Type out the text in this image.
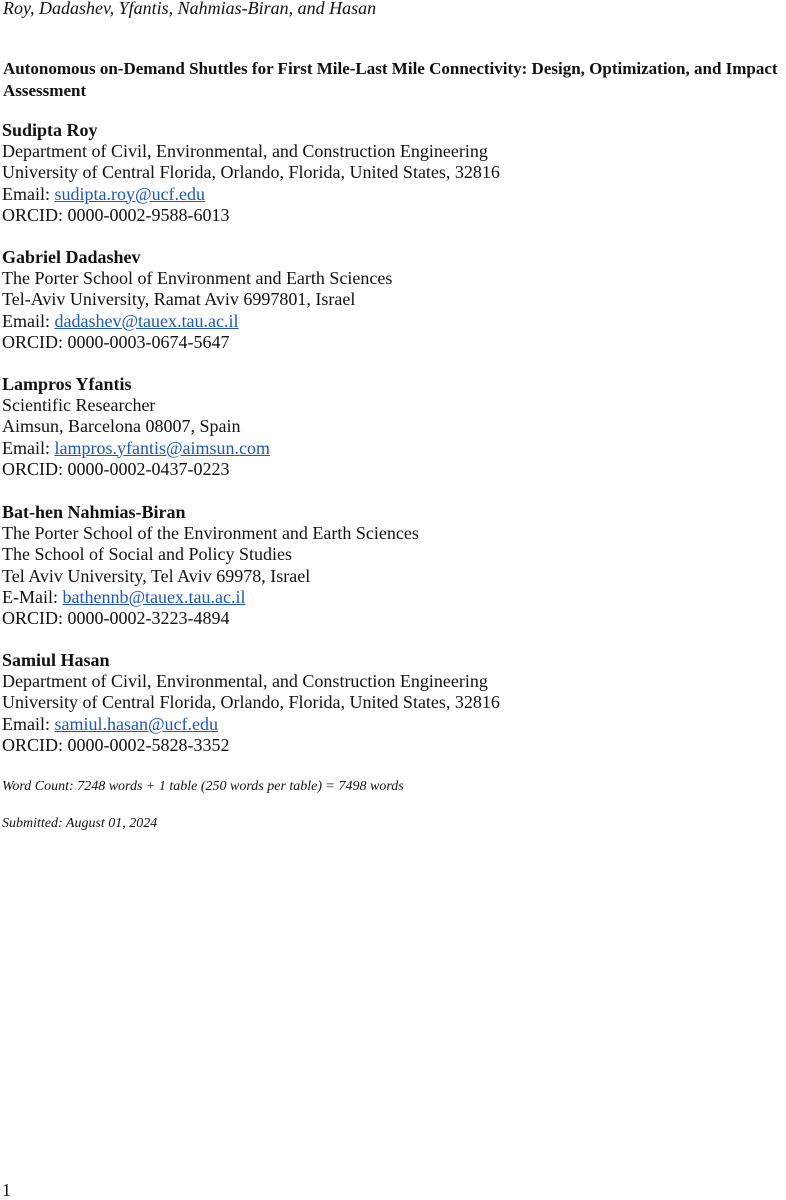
Roy, Dadashev, Yfantis, Nahmias-Biran, and Hasan
Autonomous on-Demand Shuttles for First Mile-Last Mile Connectivity: Design, Optimization, and Impact Assessment
Sudipta Roy
Department of Civil, Environmental, and Construction Engineering
University of Central Florida, Orlando, Florida, United States, 32816
Email: sudipta.roy@ucf.edu
ORCID: 0000-0002-9588-6013
Gabriel Dadashev
The Porter School of Environment and Earth Sciences
Tel-Aviv University, Ramat Aviv 6997801, Israel
Email: dadashev@tauex.tau.ac.il
ORCID: 0000-0003-0674-5647
Lampros Yfantis
Scientific Researcher
Aimsun, Barcelona 08007, Spain
Email: lampros.yfantis@aimsun.com
ORCID: 0000-0002-0437-0223
Bat-hen Nahmias-Biran
The Porter School of the Environment and Earth Sciences
The School of Social and Policy Studies
Tel Aviv University, Tel Aviv 69978, Israel
E-Mail: bathennb@tauex.tau.ac.il
ORCID: 0000-0002-3223-4894
Samiul Hasan
Department of Civil, Environmental, and Construction Engineering
University of Central Florida, Orlando, Florida, United States, 32816
Email: samiul.hasan@ucf.edu
ORCID: 0000-0002-5828-3352
Word Count: 7248 words + 1 table (250 words per table) = 7498 words
Submitted: August 01, 2024
1
